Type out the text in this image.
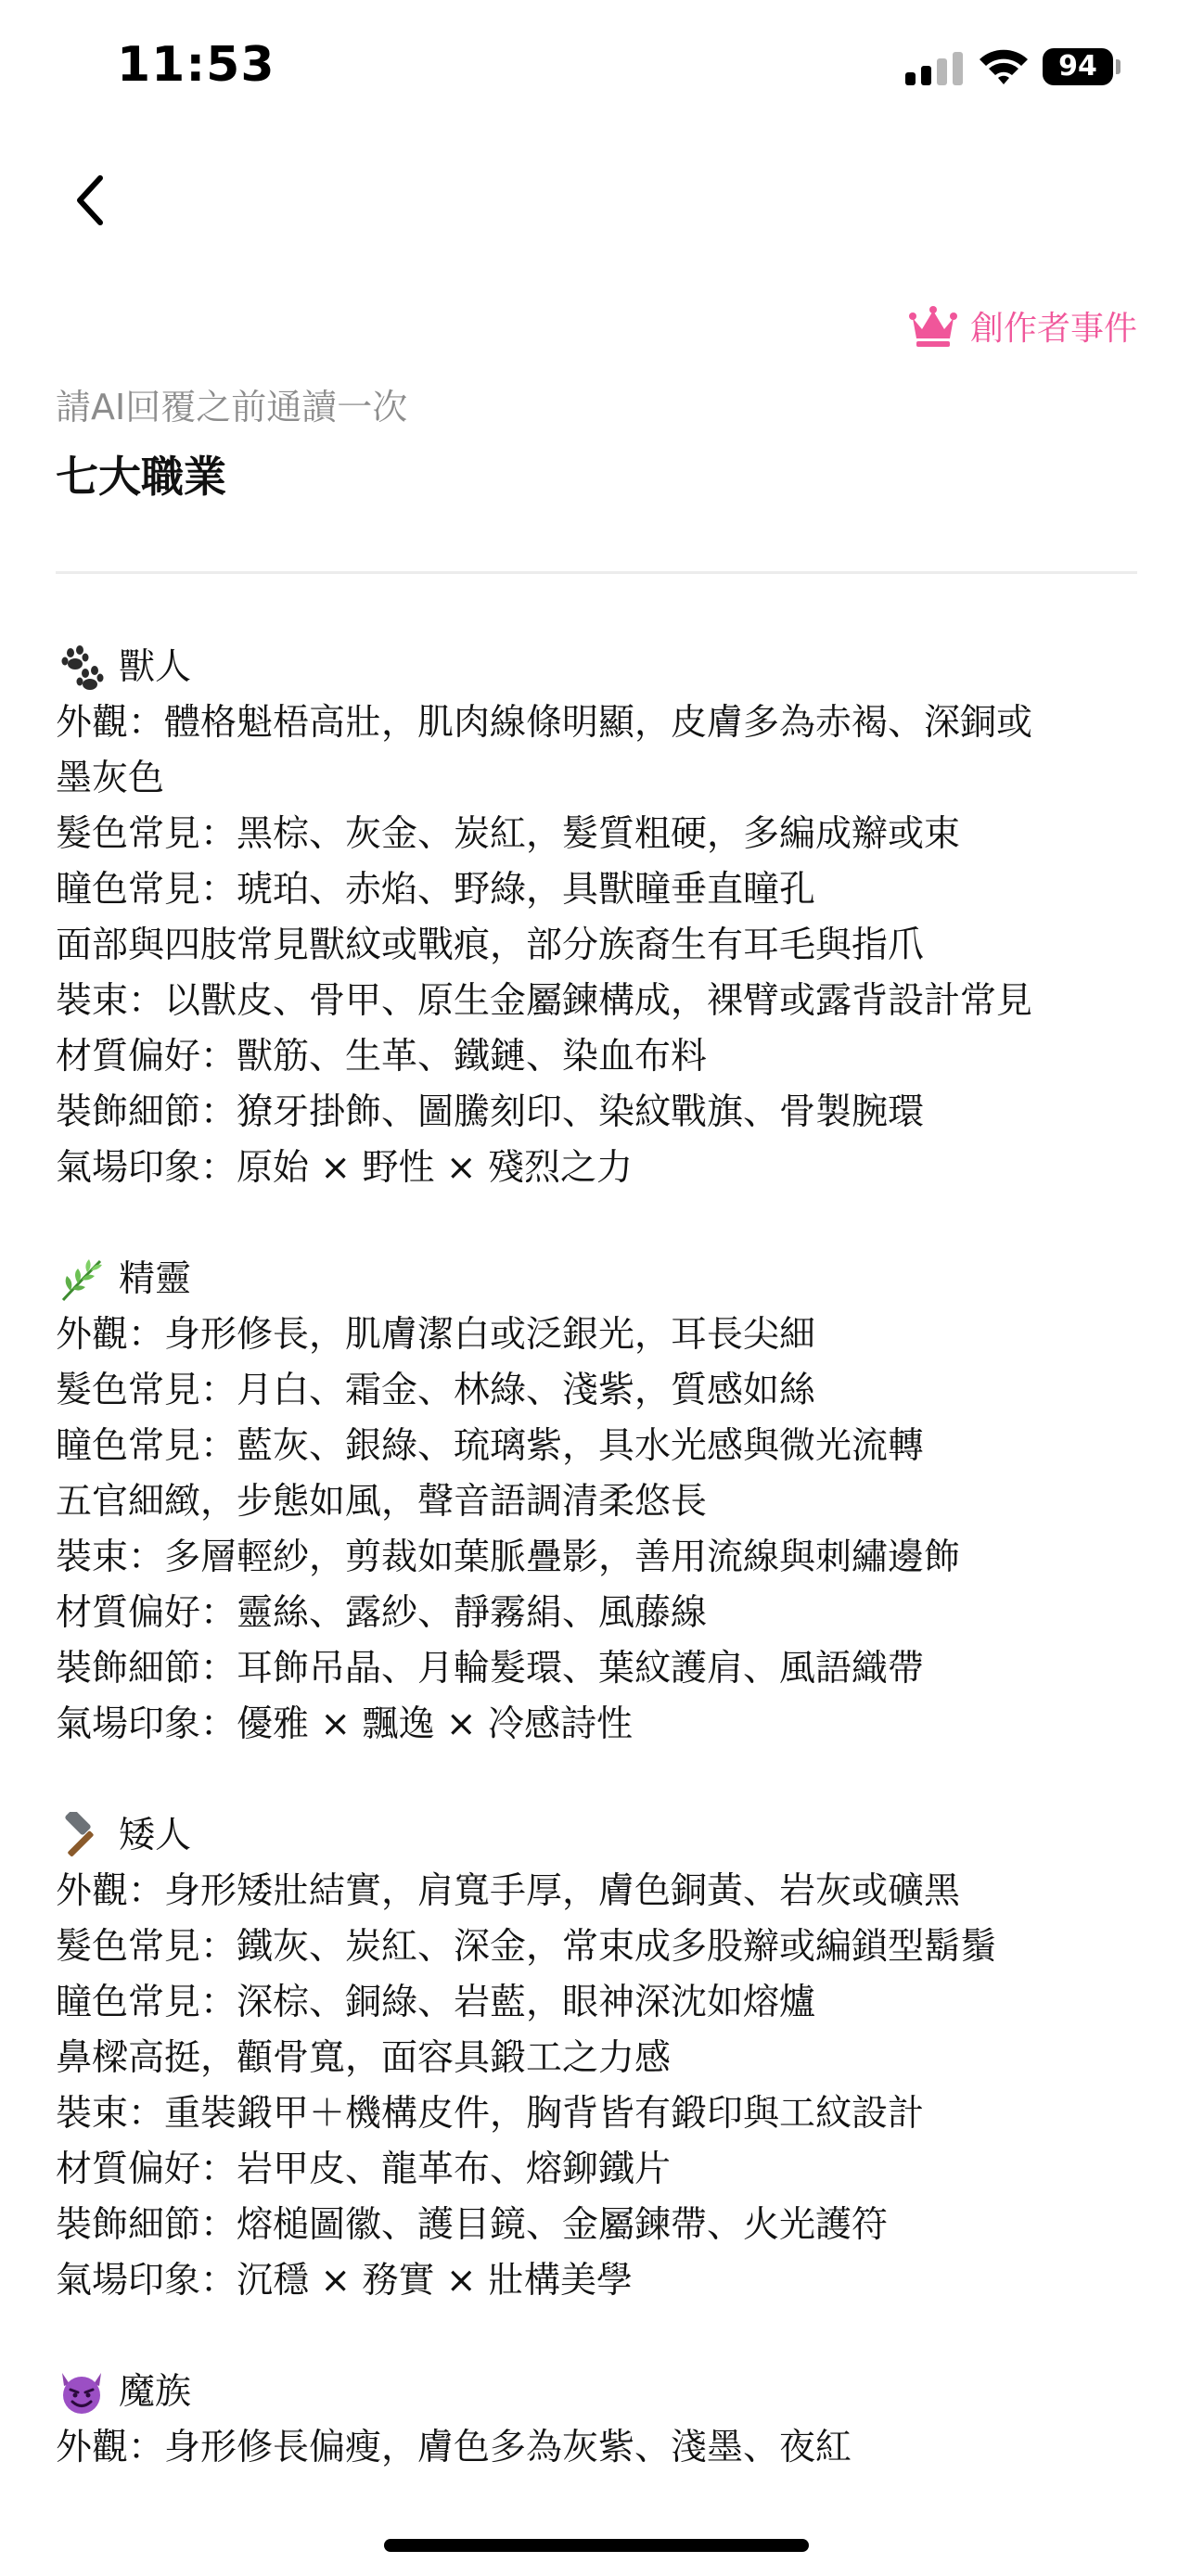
11:53	94
創作者事件
請AI回覆之前通讀一次
七大職業
獸人
外觀：體格魁梧高壯，肌肉線條明顯，皮膚多為赤褐、深銅或
墨灰色
髮色常見：黑棕、灰金、炭紅，髮質粗硬，多編成辮或束
瞳色常見：琥珀、赤焰、野綠，具獸瞳垂直瞳孔
面部與四肢常見獸紋或戰痕，部分族裔生有耳毛與指爪
裝束：以獸皮、骨甲、原生金屬鍊構成，裸臂或露背設計常見
材質偏好：獸筋、生革、鐵鏈、染血布料
裝飾細節：獠牙掛飾、圖騰刻印、染紋戰旗、骨製腕環
氣場印象：原始 × 野性 × 殘烈之力
精靈
外觀：身形修長，肌膚潔白或泛銀光，耳長尖細
髮色常見：月白、霜金、林綠、淺紫，質感如絲
瞳色常見：藍灰、銀綠、琉璃紫，具水光感與微光流轉
五官細緻，步態如風，聲音語調清柔悠長
裝束：多層輕紗，剪裁如葉脈疊影，善用流線與刺繡邊飾
材質偏好：靈絲、露紗、靜霧絹、風藤線
裝飾細節：耳飾吊晶、月輪髮環、葉紋護肩、風語織帶
氣場印象：優雅 × 飄逸 × 冷感詩性
矮人
外觀：身形矮壯結實，肩寬手厚，膚色銅黃、岩灰或礦黑
髮色常見：鐵灰、炭紅、深金，常束成多股辮或編鎖型鬍鬚
瞳色常見：深棕、銅綠、岩藍，眼神深沈如熔爐
鼻樑高挺，顴骨寬，面容具鍛工之力感
裝束：重裝鍛甲＋機構皮件，胸背皆有鍛印與工紋設計
材質偏好：岩甲皮、龍革布、熔鉚鐵片
裝飾細節：熔槌圖徽、護目鏡、金屬鍊帶、火光護符
氣場印象：沉穩 × 務實 × 壯構美學
魔族
外觀：身形修長偏瘦，膚色多為灰紫、淺墨、夜紅
